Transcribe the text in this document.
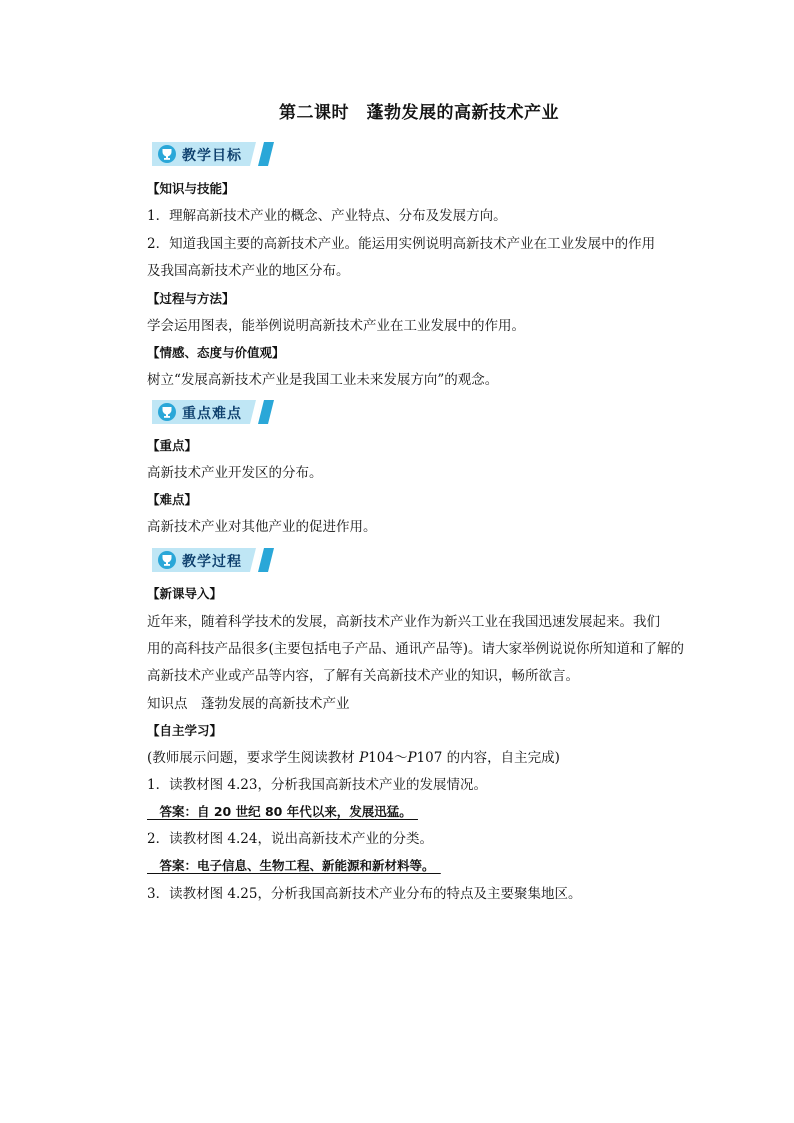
第二课时　蓬勃发展的高新技术产业
教学目标
【知识与技能】
1．理解高新技术产业的概念、产业特点、分布及发展方向。
2．知道我国主要的高新技术产业。能运用实例说明高新技术产业在工业发展中的作用
及我国高新技术产业的地区分布。
【过程与方法】
学会运用图表，能举例说明高新技术产业在工业发展中的作用。
【情感、态度与价值观】
树立“发展高新技术产业是我国工业未来发展方向”的观念。
重点难点
【重点】
高新技术产业开发区的分布。
【难点】
高新技术产业对其他产业的促进作用。
教学过程
【新课导入】
近年来，随着科学技术的发展，高新技术产业作为新兴工业在我国迅速发展起来。我们
用的高科技产品很多(主要包括电子产品、通讯产品等)。请大家举例说说你所知道和了解的
高新技术产业或产品等内容，了解有关高新技术产业的知识，畅所欲言。
知识点　蓬勃发展的高新技术产业
【自主学习】
(教师展示问题，要求学生阅读教材 P104～P107 的内容，自主完成)
1．读教材图 4.23，分析我国高新技术产业的发展情况。
　答案：自 20 世纪 80 年代以来，发展迅猛。　
2．读教材图 4.24，说出高新技术产业的分类。
　答案：电子信息、生物工程、新能源和新材料等。　
3．读教材图 4.25，分析我国高新技术产业分布的特点及主要聚集地区。
